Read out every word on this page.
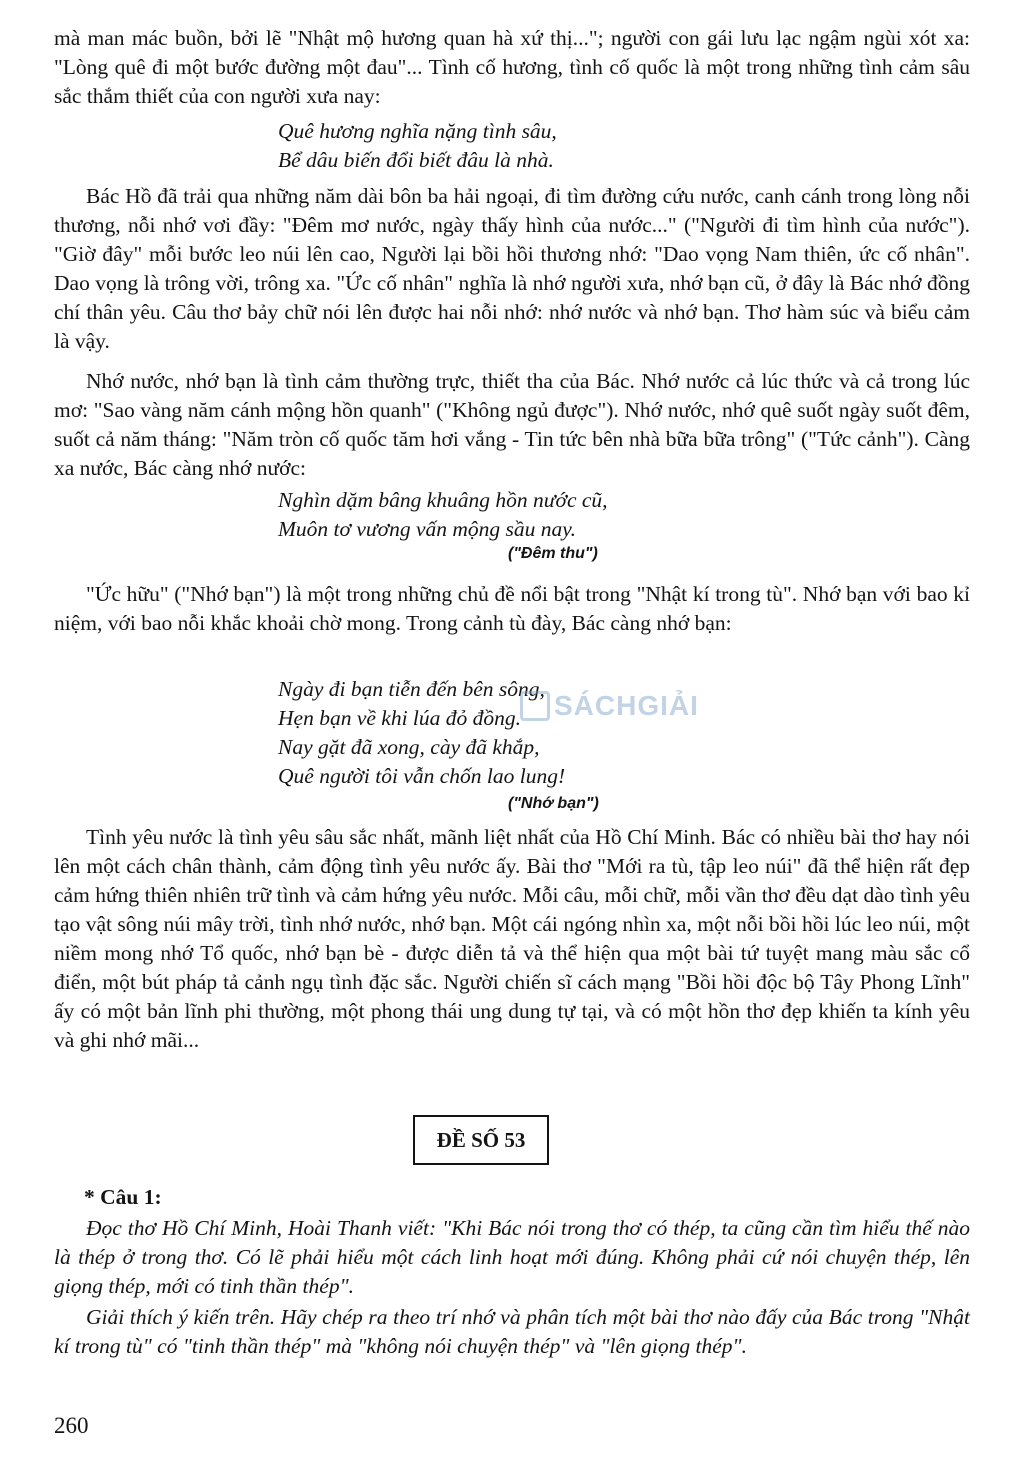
mà man mác buồn, bởi lẽ "Nhật mộ hương quan hà xứ thị..."; người con gái lưu lạc ngậm ngùi xót xa: "Lòng quê đi một bước đường một đau"... Tình cố hương, tình cố quốc là một trong những tình cảm sâu sắc thắm thiết của con người xưa nay:

Quê hương nghĩa nặng tình sâu,
Bể dâu biến đổi biết đâu là nhà.

Bác Hồ đã trải qua những năm dài bôn ba hải ngoại, đi tìm đường cứu nước, canh cánh trong lòng nỗi thương, nỗi nhớ vơi đầy: "Đêm mơ nước, ngày thấy hình của nước..." ("Người đi tìm hình của nước"). "Giờ đây" mỗi bước leo núi lên cao, Người lại bồi hồi thương nhớ: "Dao vọng Nam thiên, ức cố nhân". Dao vọng là trông vời, trông xa. "Ức cố nhân" nghĩa là nhớ người xưa, nhớ bạn cũ, ở đây là Bác nhớ đồng chí thân yêu. Câu thơ bảy chữ nói lên được hai nỗi nhớ: nhớ nước và nhớ bạn. Thơ hàm súc và biểu cảm là vậy.

Nhớ nước, nhớ bạn là tình cảm thường trực, thiết tha của Bác. Nhớ nước cả lúc thức và cả trong lúc mơ: "Sao vàng năm cánh mộng hồn quanh" ("Không ngủ được"). Nhớ nước, nhớ quê suốt ngày suốt đêm, suốt cả năm tháng: "Năm tròn cố quốc tăm hơi vắng - Tin tức bên nhà bữa bữa trông" ("Tức cảnh"). Càng xa nước, Bác càng nhớ nước:

Nghìn dặm bâng khuâng hồn nước cũ,
Muôn tơ vương vấn mộng sầu nay.
("Đêm thu")

"Ức hữu" ("Nhớ bạn") là một trong những chủ đề nổi bật trong "Nhật kí trong tù". Nhớ bạn với bao kỉ niệm, với bao nỗi khắc khoải chờ mong. Trong cảnh tù đày, Bác càng nhớ bạn:

Ngày đi bạn tiễn đến bên sông,
Hẹn bạn về khi lúa đỏ đồng.
Nay gặt đã xong, cày đã khắp,
Quê người tôi vẫn chốn lao lung!
("Nhớ bạn")
SÁCHGIẢI

Tình yêu nước là tình yêu sâu sắc nhất, mãnh liệt nhất của Hồ Chí Minh. Bác có nhiều bài thơ hay nói lên một cách chân thành, cảm động tình yêu nước ấy. Bài thơ "Mới ra tù, tập leo núi" đã thể hiện rất đẹp cảm hứng thiên nhiên trữ tình và cảm hứng yêu nước. Mỗi câu, mỗi chữ, mỗi vần thơ đều dạt dào tình yêu tạo vật sông núi mây trời, tình nhớ nước, nhớ bạn. Một cái ngóng nhìn xa, một nỗi bồi hồi lúc leo núi, một niềm mong nhớ Tổ quốc, nhớ bạn bè - được diễn tả và thể hiện qua một bài tứ tuyệt mang màu sắc cổ điển, một bút pháp tả cảnh ngụ tình đặc sắc. Người chiến sĩ cách mạng "Bồi hồi độc bộ Tây Phong Lĩnh" ấy có một bản lĩnh phi thường, một phong thái ung dung tự tại, và có một hồn thơ đẹp khiến ta kính yêu và ghi nhớ mãi...

ĐỀ SỐ 53
* Câu 1:

Đọc thơ Hồ Chí Minh, Hoài Thanh viết: "Khi Bác nói trong thơ có thép, ta cũng cần tìm hiểu thế nào là thép ở trong thơ. Có lẽ phải hiểu một cách linh hoạt mới đúng. Không phải cứ nói chuyện thép, lên giọng thép, mới có tinh thần thép".

Giải thích ý kiến trên. Hãy chép ra theo trí nhớ và phân tích một bài thơ nào đấy của Bác trong "Nhật kí trong tù" có "tinh thần thép" mà "không nói chuyện thép" và "lên giọng thép".

260
